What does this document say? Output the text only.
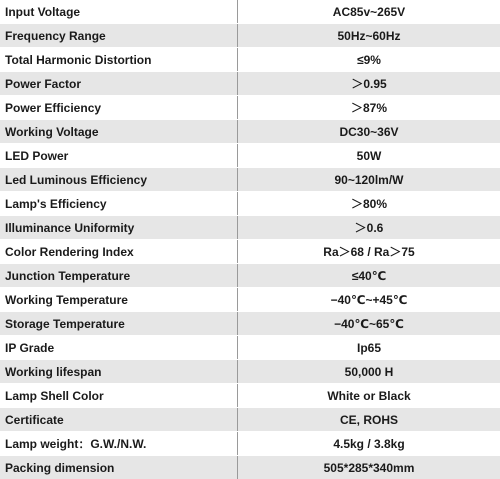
Input Voltage	AC85v~265V
Frequency Range	50Hz~60Hz
Total Harmonic Distortion	≤9%
Power Factor	＞0.95
Power Efficiency	＞87%
Working Voltage	DC30~36V
LED Power	50W
Led Luminous Efficiency	90~120lm/W
Lamp's Efficiency	＞80%
Illuminance Uniformity	＞0.6
Color Rendering Index	Ra＞68 / Ra＞75
Junction Temperature	≤40℃
Working Temperature	−40℃~+45℃
Storage Temperature	−40℃~65℃
IP Grade	Ip65
Working lifespan	50,000 H
Lamp Shell Color	White or Black
Certificate	CE, ROHS
Lamp weight：G.W./N.W.	4.5kg / 3.8kg
Packing dimension	505*285*340mm
